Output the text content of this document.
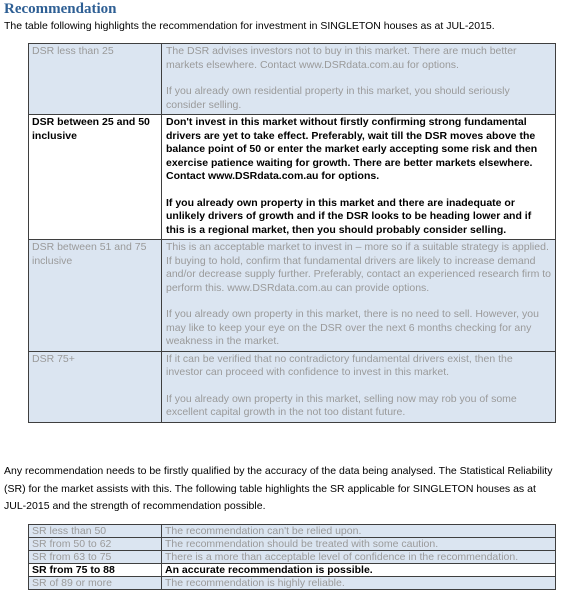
Recommendation
The table following highlights the recommendation for investment in SINGLETON houses as at JUL-2015.
DSR less than 25	The DSR advises investors not to buy in this market. There are much better markets elsewhere. Contact www.DSRdata.com.au for options.
If you already own residential property in this market, you should seriously consider selling.

DSR between 25 and 50 inclusive	Don't invest in this market without firstly confirming strong fundamental drivers are yet to take effect. Preferably, wait till the DSR moves above the balance point of 50 or enter the market early accepting some risk and then exercise patience waiting for growth. There are better markets elsewhere. Contact www.DSRdata.com.au for options.
If you already own property in this market and there are inadequate or unlikely drivers of growth and if the DSR looks to be heading lower and if this is a regional market, then you should probably consider selling.

DSR between 51 and 75 inclusive	This is an acceptable market to invest in – more so if a suitable strategy is applied. If buying to hold, confirm that fundamental drivers are likely to increase demand and/or decrease supply further. Preferably, contact an experienced research firm to perform this. www.DSRdata.com.au can provide options.
If you already own property in this market, there is no need to sell. However, you may like to keep your eye on the DSR over the next 6 months checking for any weakness in the market.

DSR 75+	If it can be verified that no contradictory fundamental drivers exist, then the investor can proceed with confidence to invest in this market.
If you already own property in this market, selling now may rob you of some excellent capital growth in the not too distant future.
Any recommendation needs to be firstly qualified by the accuracy of the data being analysed. The Statistical Reliability (SR) for the market assists with this. The following table highlights the SR applicable for SINGLETON houses as at JUL-2015 and the strength of recommendation possible.
SR less than 50	The recommendation can't be relied upon.
SR from 50 to 62	The recommendation should be treated with some caution.
SR from 63 to 75	There is a more than acceptable level of confidence in the recommendation.
SR from 75 to 88	An accurate recommendation is possible.
SR of 89 or more	The recommendation is highly reliable.
